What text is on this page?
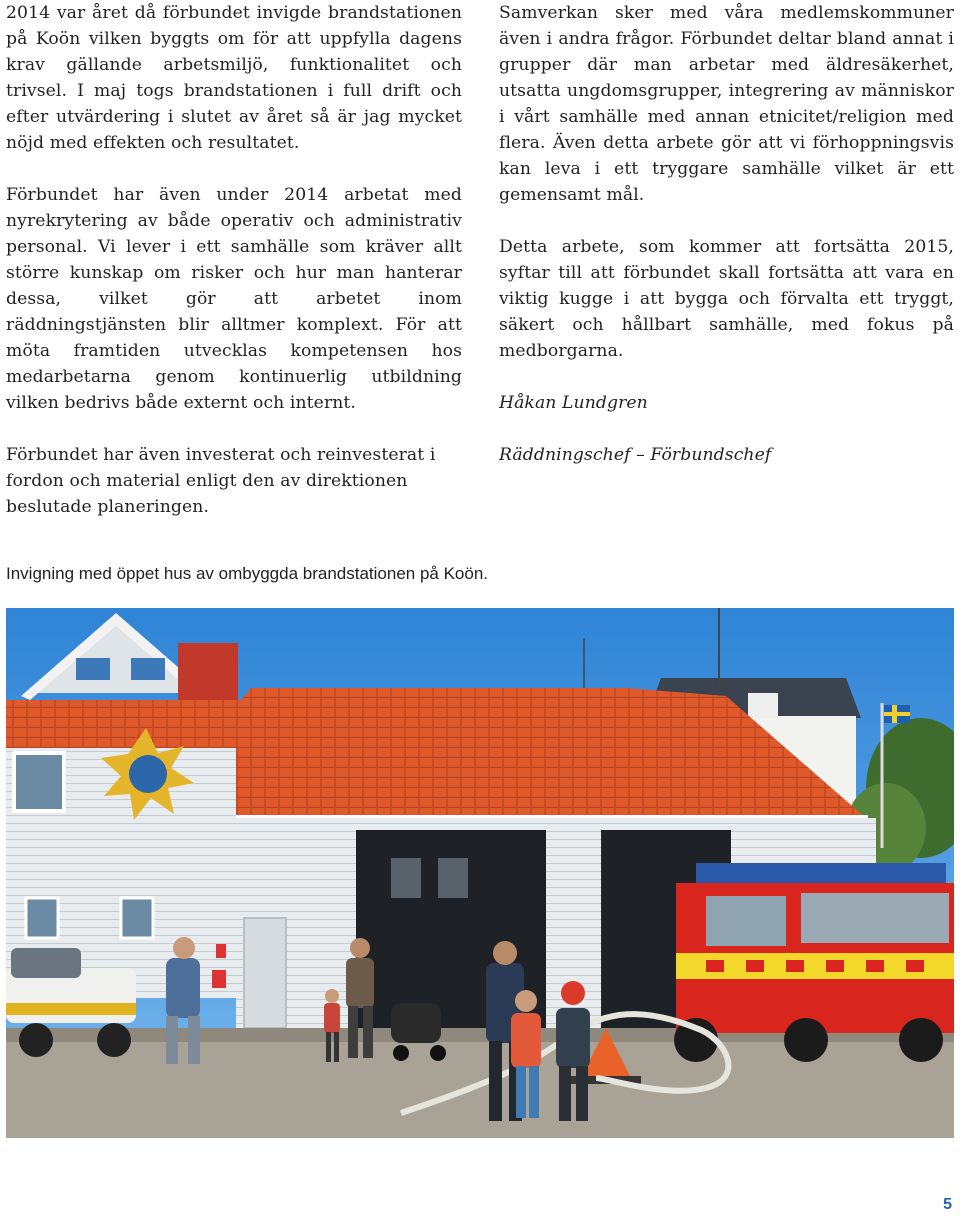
2014 var året då förbundet invigde brandstationen på Koön vilken byggts om för att uppfylla dagens krav gällande arbetsmiljö, funktionalitet och trivsel. I maj togs brandstationen i full drift och efter utvärdering i slutet av året så är jag mycket nöjd med effekten och resultatet.

Förbundet har även under 2014 arbetat med nyrekrytering av både operativ och administrativ personal. Vi lever i ett samhälle som kräver allt större kunskap om risker och hur man hanterar dessa, vilket gör att arbetet inom räddningstjänsten blir alltmer komplext. För att möta framtiden utvecklas kompetensen hos medarbetarna genom kontinuerlig utbildning vilken bedrivs både externt och internt.

Förbundet har även investerat och reinvesterat i fordon och material enligt den av direktionen beslutade planeringen.

Samverkan sker med våra medlemskommuner även i andra frågor. Förbundet deltar bland annat i grupper där man arbetar med äldresäkerhet, utsatta ungdomsgrupper, integrering av människor i vårt samhälle med annan etnicitet/religion med flera. Även detta arbete gör att vi förhoppningsvis kan leva i ett tryggare samhälle vilket är ett gemensamt mål.

Detta arbete, som kommer att fortsätta 2015, syftar till att förbundet skall fortsätta att vara en viktig kugge i att bygga och förvalta ett tryggt, säkert och hållbart samhälle, med fokus på medborgarna.

Håkan Lundgren

Räddningschef – Förbundschef

Invigning med öppet hus av ombyggda brandstationen på Koön.

5
